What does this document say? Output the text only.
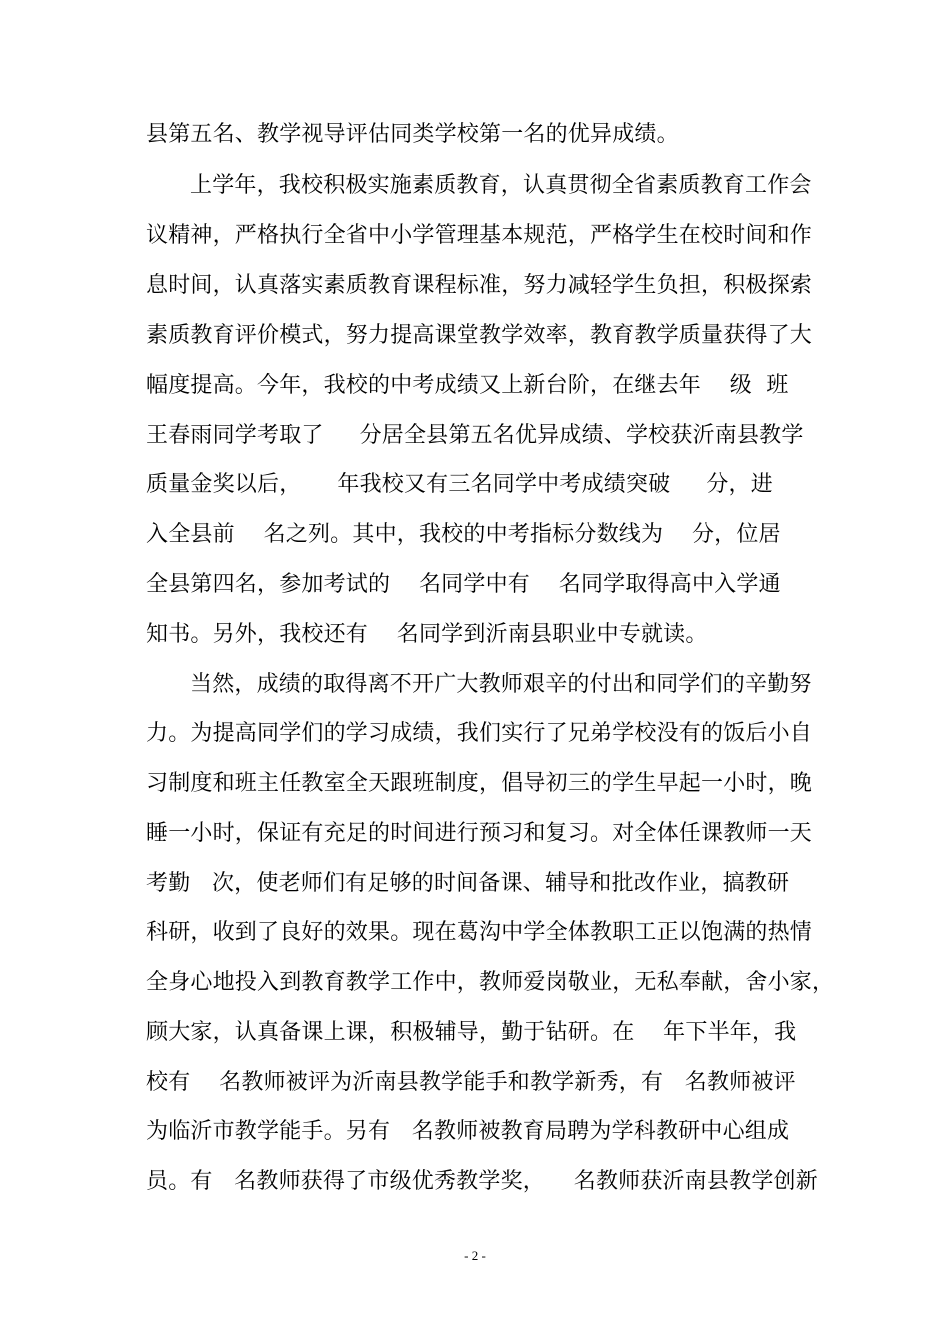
县第五名、教学视导评估同类学校第一名的优异成绩。
上学年，我校积极实施素质教育，认真贯彻全省素质教育工作会
议精神，严格执行全省中小学管理基本规范，严格学生在校时间和作
息时间，认真落实素质教育课程标准，努力减轻学生负担，积极探索
素质教育评价模式，努力提高课堂教学效率，教育教学质量获得了大
幅度提高。今年，我校的中考成绩又上新台阶，在继去年    级  班
王春雨同学考取了     分居全县第五名优异成绩、学校获沂南县教学
质量金奖以后，     年我校又有三名同学中考成绩突破     分，进
入全县前    名之列。其中，我校的中考指标分数线为    分，位居
全县第四名，参加考试的    名同学中有    名同学取得高中入学通
知书。另外，我校还有    名同学到沂南县职业中专就读。
当然，成绩的取得离不开广大教师艰辛的付出和同学们的辛勤努
力。为提高同学们的学习成绩，我们实行了兄弟学校没有的饭后小自
习制度和班主任教室全天跟班制度，倡导初三的学生早起一小时，晚
睡一小时，保证有充足的时间进行预习和复习。对全体任课教师一天
考勤   次，使老师们有足够的时间备课、辅导和批改作业，搞教研
科研，收到了良好的效果。现在葛沟中学全体教职工正以饱满的热情
全身心地投入到教育教学工作中，教师爱岗敬业，无私奉献，舍小家，
顾大家，认真备课上课，积极辅导，勤于钻研。在    年下半年，我
校有    名教师被评为沂南县教学能手和教学新秀，有   名教师被评
为临沂市教学能手。另有   名教师被教育局聘为学科教研中心组成
员。有   名教师获得了市级优秀教学奖，    名教师获沂南县教学创新
- 2 -
